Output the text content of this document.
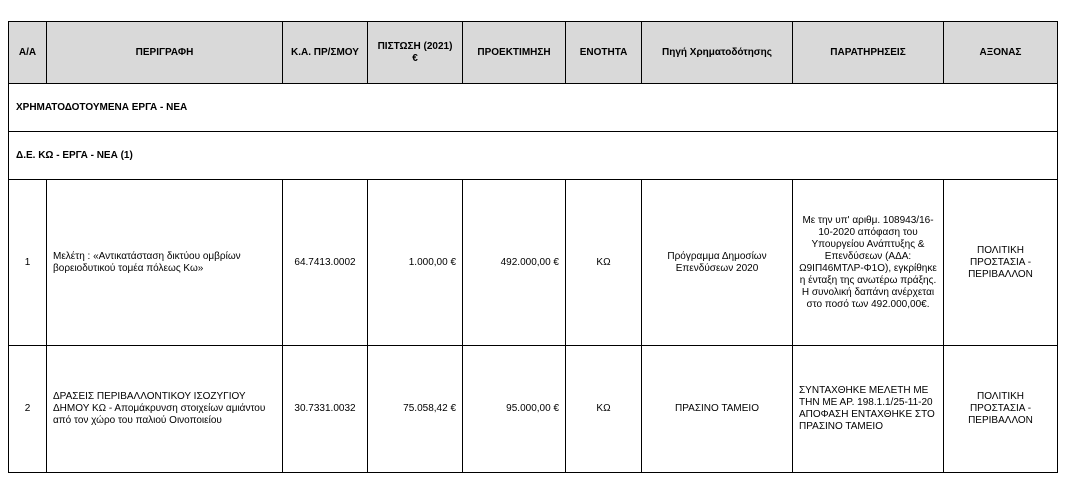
Α/Α	ΠΕΡΙΓΡΑΦΗ	Κ.Α. ΠΡ/ΣΜΟΥ	ΠΙΣΤΩΣΗ (2021) €	ΠΡΟΕΚΤΙΜΗΣΗ	ΕΝΟΤΗΤΑ	Πηγή Χρηματοδότησης	ΠΑΡΑΤΗΡΗΣΕΙΣ	ΑΞΟΝΑΣ
ΧΡΗΜΑΤΟΔΟΤΟΥΜΕΝΑ ΕΡΓΑ - ΝΕΑ								
Δ.Ε. ΚΩ - ΕΡΓΑ - ΝΕΑ (1)								
1	Μελέτη : «Αντικατάσταση δικτύου ομβρίων βορειοδυτικού τομέα πόλεως Κω»	64.7413.0002	1.000,00 €	492.000,00 €	ΚΩ	Πρόγραμμα Δημοσίων Επενδύσεων 2020	Με την υπ' αριθμ. 108943/16-10-2020 απόφαση του Υπουργείου Ανάπτυξης & Επενδύσεων (ΑΔΑ: Ω9ΙΠ46ΜΤΛΡ-Φ1Ο), εγκρίθηκε η ένταξη της ανωτέρω πράξης. Η συνολική δαπάνη ανέρχεται στο ποσό των 492.000,00€.	ΠΟΛΙΤΙΚΗ ΠΡΟΣΤΑΣΙΑ - ΠΕΡΙΒΑΛΛΟΝ
2	ΔΡΑΣΕΙΣ ΠΕΡΙΒΑΛΛΟΝΤΙΚΟΥ ΙΣΟΖΥΓΙΟΥ ΔΗΜΟΥ ΚΩ - Απομάκρυνση στοιχείων αμιάντου από τον χώρο του παλιού Οινοποιείου	30.7331.0032	75.058,42 €	95.000,00 €	ΚΩ	ΠΡΑΣΙΝΟ ΤΑΜΕΙΟ	ΣΥΝΤΑΧΘΗΚΕ ΜΕΛΕΤΗ ΜΕ ΤΗΝ ΜΕ ΑΡ. 198.1.1/25-11-20 ΑΠΟΦΑΣΗ ΕΝΤΑΧΘΗΚΕ ΣΤΟ ΠΡΑΣΙΝΟ ΤΑΜΕΙΟ	ΠΟΛΙΤΙΚΗ ΠΡΟΣΤΑΣΙΑ - ΠΕΡΙΒΑΛΛΟΝ
